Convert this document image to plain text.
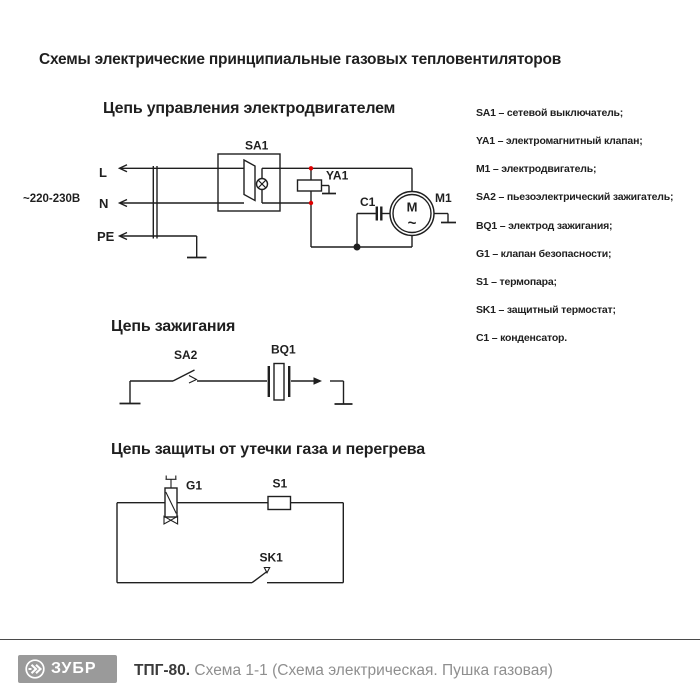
Схемы электрические принципиальные газовых тепловентиляторов
Цепь управления электродвигателем
Цепь зажигания
Цепь защиты от утечки газа и перегрева
SA1 – сетевой выключатель;
YA1 – электромагнитный клапан;
M1 – электродвигатель;
SA2 – пьезоэлектрический зажигатель;
BQ1 – электрод зажигания;
G1 – клапан безопасности;
S1 – термопара;
SK1 – защитный термостат;
C1 – конденсатор.
M
~
~220-230В
L
N
PE
SA1
YA1
C1	M1
SA2	BQ1
G1	S1
SK1
ЗУБР ТПГ-80. Схема 1-1 (Схема электрическая. Пушка газовая)
